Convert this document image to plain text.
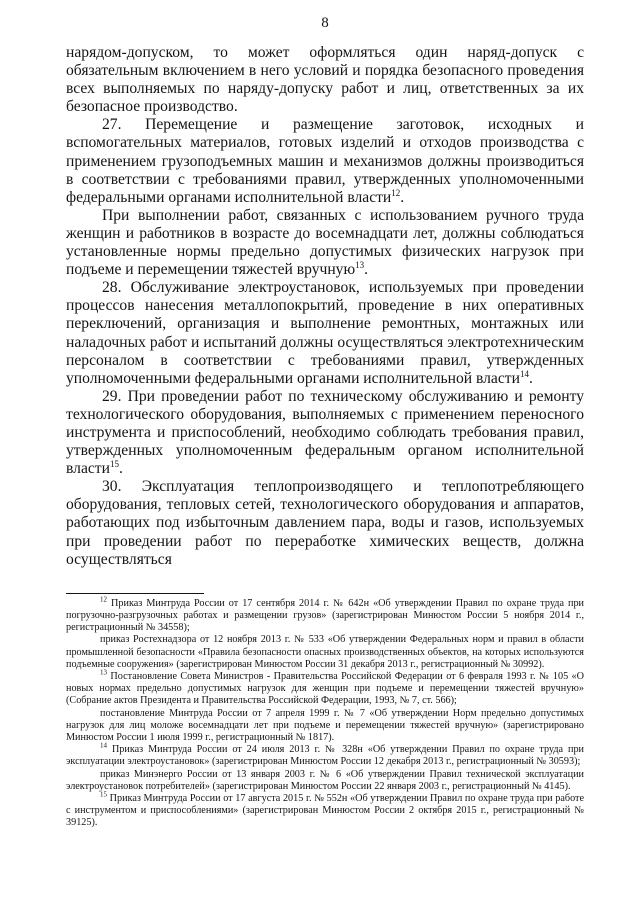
8

нарядом-допуском, то может оформляться один наряд-допуск с обязательным включением в него условий и порядка безопасного проведения всех выполняемых по наряду-допуску работ и лиц, ответственных за их безопасное производство.

27. Перемещение и размещение заготовок, исходных и вспомогательных материалов, готовых изделий и отходов производства с применением грузоподъемных машин и механизмов должны производиться в соответствии с требованиями правил, утвержденных уполномоченными федеральными органами исполнительной власти$^{12}$.

При выполнении работ, связанных с использованием ручного труда женщин и работников в возрасте до восемнадцати лет, должны соблюдаться установленные нормы предельно допустимых физических нагрузок при подъеме и перемещении тяжестей вручную$^{13}$.

28. Обслуживание электроустановок, используемых при проведении процессов нанесения металлопокрытий, проведение в них оперативных переключений, организация и выполнение ремонтных, монтажных или наладочных работ и испытаний должны осуществляться электротехническим персоналом в соответствии с требованиями правил, утвержденных уполномоченными федеральными органами исполнительной власти$^{14}$.

29. При проведении работ по техническому обслуживанию и ремонту технологического оборудования, выполняемых с применением переносного инструмента и приспособлений, необходимо соблюдать требования правил, утвержденных уполномоченным федеральным органом исполнительной власти$^{15}$.

30. Эксплуатация теплопроизводящего и теплопотребляющего оборудования, тепловых сетей, технологического оборудования и аппаратов, работающих под избыточным давлением пара, воды и газов, используемых при проведении работ по переработке химических веществ, должна осуществляться

$^{12}$ Приказ Минтруда России от 17 сентября 2014 г. № 642н «Об утверждении Правил по охране труда при погрузочно-разгрузочных работах и размещении грузов» (зарегистрирован Минюстом России 5 ноября 2014 г., регистрационный № 34558);

приказ Ростехнадзора от 12 ноября 2013 г. № 533 «Об утверждении Федеральных норм и правил в области промышленной безопасности «Правила безопасности опасных производственных объектов, на которых используются подъемные сооружения» (зарегистрирован Минюстом России 31 декабря 2013 г., регистрационный № 30992).

$^{13}$ Постановление Совета Министров - Правительства Российской Федерации от 6 февраля 1993 г. № 105 «О новых нормах предельно допустимых нагрузок для женщин при подъеме и перемещении тяжестей вручную» (Собрание актов Президента и Правительства Российской Федерации, 1993, № 7, ст. 566);

постановление Минтруда России от 7 апреля 1999 г. № 7 «Об утверждении Норм предельно допустимых нагрузок для лиц моложе восемнадцати лет при подъеме и перемещении тяжестей вручную» (зарегистрировано Минюстом России 1 июля 1999 г., регистрационный № 1817).

$^{14}$ Приказ Минтруда России от 24 июля 2013 г. № 328н «Об утверждении Правил по охране труда при эксплуатации электроустановок» (зарегистрирован Минюстом России 12 декабря 2013 г., регистрационный № 30593);

приказ Минэнерго России от 13 января 2003 г. № 6 «Об утверждении Правил технической эксплуатации электроустановок потребителей» (зарегистрирован Минюстом России 22 января 2003 г., регистрационный № 4145).

$^{15}$ Приказ Минтруда России от 17 августа 2015 г. № 552н «Об утверждении Правил по охране труда при работе с инструментом и приспособлениями» (зарегистрирован Минюстом России 2 октября 2015 г., регистрационный № 39125).
